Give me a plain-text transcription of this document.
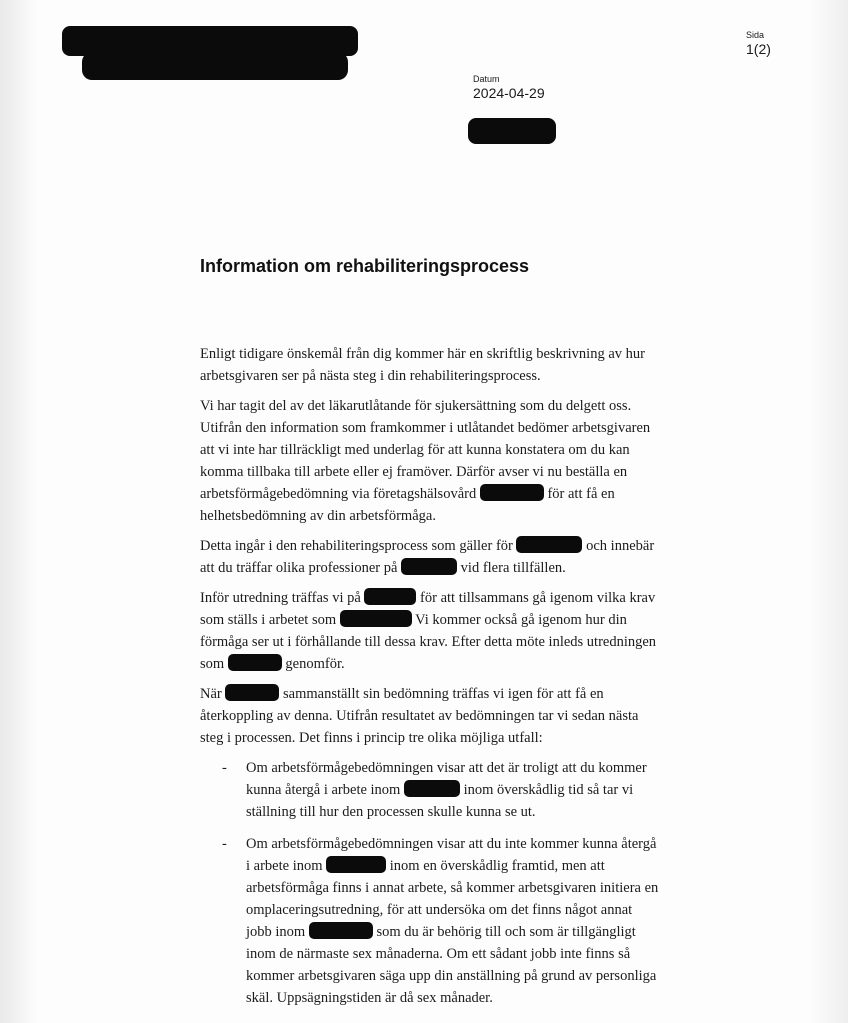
Sida
1(2)
Datum
2024-04-29
Information om rehabiliteringsprocess

Enligt tidigare önskemål från dig kommer här en skriftlig beskrivning av hur
arbetsgivaren ser på nästa steg i din rehabiliteringsprocess.

Vi har tagit del av det läkarutlåtande för sjukersättning som du delgett oss.
Utifrån den information som framkommer i utlåtandet bedömer arbetsgivaren
att vi inte har tillräckligt med underlag för att kunna konstatera om du kan
komma tillbaka till arbete eller ej framöver. Därför avser vi nu beställa en
arbetsförmågebedömning via företagshälsovård	för att få en
helhetsbedömning av din arbetsförmåga.

Detta ingår i den rehabiliteringsprocess som gäller för	och innebär
att du träffar olika professioner på	vid flera tillfällen.

Inför utredning träffas vi på	för att tillsammans gå igenom vilka krav
som ställs i arbetet som	Vi kommer också gå igenom hur din
förmåga ser ut i förhållande till dessa krav. Efter detta möte inleds utredningen
som	genomför.

När	sammanställt sin bedömning träffas vi igen för att få en
återkoppling av denna. Utifrån resultatet av bedömningen tar vi sedan nästa
steg i processen. Det finns i princip tre olika möjliga utfall:

- Om arbetsförmågebedömningen visar att det är troligt att du kommer
kunna återgå i arbete inom	inom överskådlig tid så tar vi
ställning till hur den processen skulle kunna se ut.
- Om arbetsförmågebedömningen visar att du inte kommer kunna återgå
i arbete inom	inom en överskådlig framtid, men att
arbetsförmåga finns i annat arbete, så kommer arbetsgivaren initiera en
omplaceringsutredning, för att undersöka om det finns något annat
jobb inom	som du är behörig till och som är tillgängligt
inom de närmaste sex månaderna. Om ett sådant jobb inte finns så
kommer arbetsgivaren säga upp din anställning på grund av personliga
skäl. Uppsägningstiden är då sex månader.
